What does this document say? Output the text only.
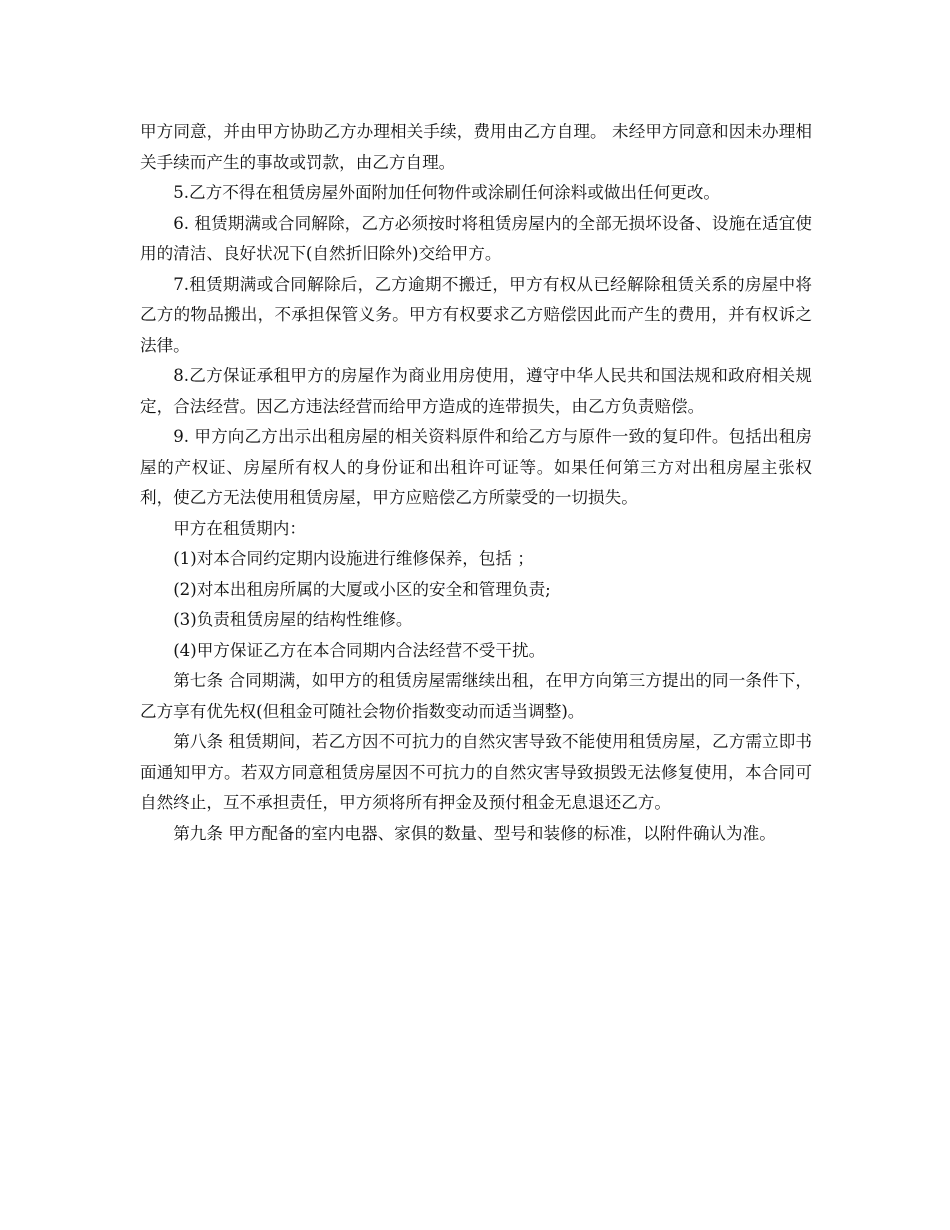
甲方同意，并由甲方协助乙方办理相关手续，费用由乙方自理。 未经甲方同意和因未办理相关手续而产生的事故或罚款，由乙方自理。

5.乙方不得在租赁房屋外面附加任何物件或涂刷任何涂料或做出任何更改。

6. 租赁期满或合同解除，乙方必须按时将租赁房屋内的全部无损坏设备、设施在适宜使用的清洁、良好状况下(自然折旧除外)交给甲方。

7.租赁期满或合同解除后，乙方逾期不搬迁，甲方有权从已经解除租赁关系的房屋中将乙方的物品搬出，不承担保管义务。甲方有权要求乙方赔偿因此而产生的费用，并有权诉之法律。

8.乙方保证承租甲方的房屋作为商业用房使用，遵守中华人民共和国法规和政府相关规定，合法经营。因乙方违法经营而给甲方造成的连带损失，由乙方负责赔偿。

9. 甲方向乙方出示出租房屋的相关资料原件和给乙方与原件一致的复印件。包括出租房屋的产权证、房屋所有权人的身份证和出租许可证等。如果任何第三方对出租房屋主张权利，使乙方无法使用租赁房屋，甲方应赔偿乙方所蒙受的一切损失。

甲方在租赁期内：

(1)对本合同约定期内设施进行维修保养，包括 ；

(2)对本出租房所属的大厦或小区的安全和管理负责;

(3)负责租赁房屋的结构性维修。

(4)甲方保证乙方在本合同期内合法经营不受干扰。

第七条 合同期满，如甲方的租赁房屋需继续出租，在甲方向第三方提出的同一条件下，乙方享有优先权(但租金可随社会物价指数变动而适当调整)。

第八条 租赁期间，若乙方因不可抗力的自然灾害导致不能使用租赁房屋，乙方需立即书面通知甲方。若双方同意租赁房屋因不可抗力的自然灾害导致损毁无法修复使用，本合同可自然终止，互不承担责任，甲方须将所有押金及预付租金无息退还乙方。

第九条 甲方配备的室内电器、家俱的数量、型号和装修的标准，以附件确认为准。
